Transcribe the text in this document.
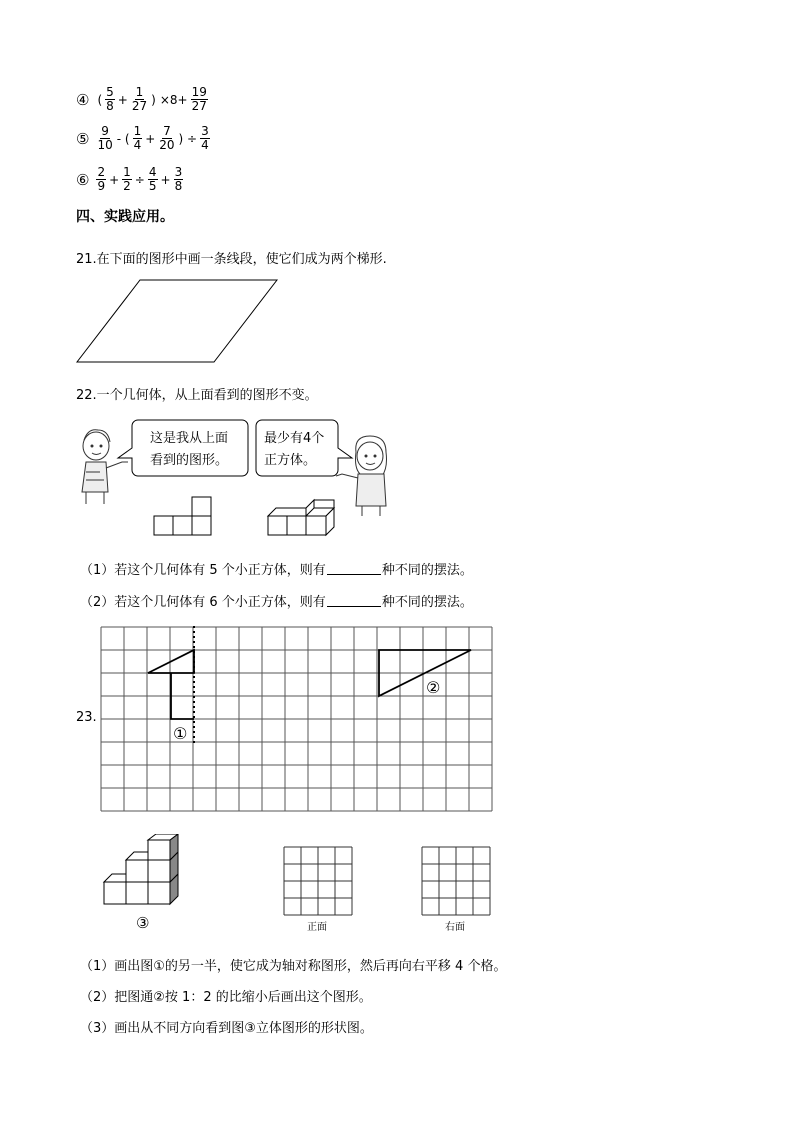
④ ( $\frac{5}{8} + \frac{1}{27}$ ) $\times 8+ \frac{19}{27}$
⑤ $\frac{9}{10}$ - ( $\frac{1}{4} + \frac{7}{20}$ ) ÷ $\frac{3}{4}$
⑥ $\frac{2}{9} + \frac{1}{2} \div \frac{4}{5} + \frac{3}{8}$
四、实践应用。
21.在下面的图形中画一条线段，使它们成为两个梯形.
22.一个几何体，从上面看到的图形不变。
这是我从上面
看到的图形。
最少有4个
正方体。
（1）若这个几何体有 5 个小正方体，则有	种不同的摆法。
（2）若这个几何体有 6 个小正方体，则有	种不同的摆法。
23.
①
②
③	正面	右面
（1）画出图①的另一半，使它成为轴对称图形，然后再向右平移 4 个格。
（2）把图通②按 1：2 的比缩小后画出这个图形。
（3）画出从不同方向看到图③立体图形的形状图。
